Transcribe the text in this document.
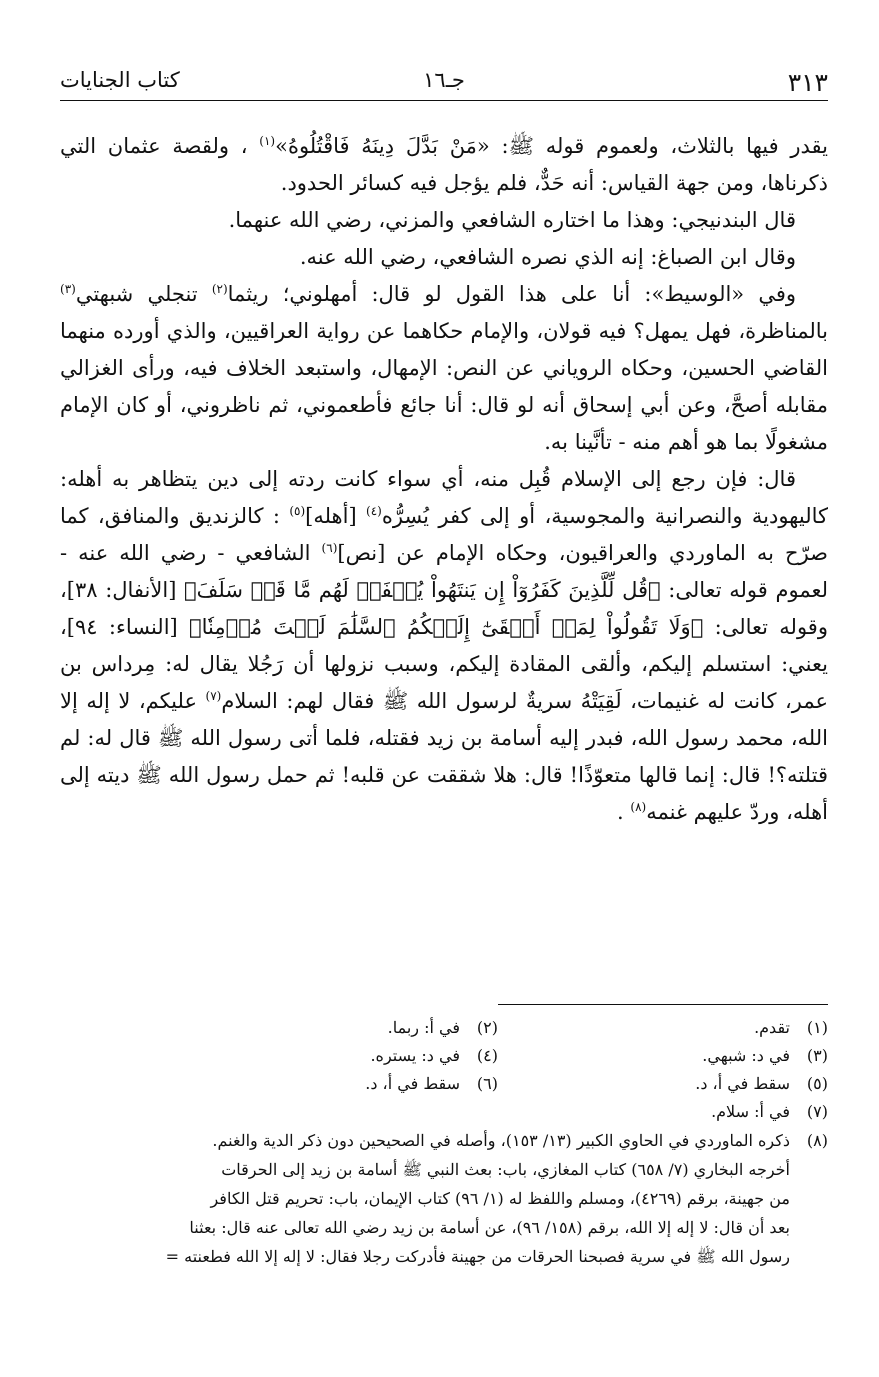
٣١٣
جـ١٦
كتاب الجنايات

يقدر فيها بالثلاث، ولعموم قوله ﷺ: «مَنْ بَدَّلَ دِينَهُ فَاقْتُلُوهُ»$^{(١)}$ ، ولقصة عثمان التي ذكرناها، ومن جهة القياس: أنه حَدٌّ، فلم يؤجل فيه كسائر الحدود.

قال البندنيجي: وهذا ما اختاره الشافعي والمزني، رضي الله عنهما.

وقال ابن الصباغ: إنه الذي نصره الشافعي، رضي الله عنه.

وفي «الوسيط»: أنا على هذا القول لو قال: أمهلوني؛ ريثما$^{(٢)}$ تنجلي شبهتي$^{(٣)}$ بالمناظرة، فهل يمهل؟ فيه قولان، والإمام حكاهما عن رواية العراقيين، والذي أورده منهما القاضي الحسين، وحكاه الروياني عن النص: الإمهال، واستبعد الخلاف فيه، ورأى الغزالي مقابله أصحَّ، وعن أبي إسحاق أنه لو قال: أنا جائع فأطعموني، ثم ناظروني، أو كان الإمام مشغولًا بما هو أهم منه - تأنَّينا به.

قال: فإن رجع إلى الإسلام قُبِل منه، أي سواء كانت ردته إلى دين يتظاهر به أهله: كاليهودية والنصرانية والمجوسية، أو إلى كفر يُسِرُّه$^{(٤)}$ [أهله]$^{(٥)}$ : كالزنديق والمنافق، كما صرّح به الماوردي والعراقيون، وحكاه الإمام عن [نص]$^{(٦)}$ الشافعي - رضي الله عنه - لعموم قوله تعالى: ﴿قُل لِّلَّذِينَ كَفَرُوٓاْ إِن يَنتَهُواْ يُغۡفَرۡ لَهُم مَّا قَدۡ سَلَفَ﴾ [الأنفال: ٣٨]، وقوله تعالى: ﴿وَلَا تَقُولُواْ لِمَنۡ أَلۡقَىٰٓ إِلَيۡكُمُ ٱلسَّلَٰمَ لَسۡتَ مُؤۡمِنٗا﴾ [النساء: ٩٤]، يعني: استسلم إليكم، وألقى المقادة إليكم، وسبب نزولها أن رَجُلا يقال له: مِرداس بن عمر، كانت له غنيمات، لَقِيَتْهُ سريةٌ لرسول الله ﷺ فقال لهم: السلام$^{(٧)}$ عليكم، لا إله إلا الله، محمد رسول الله، فبدر إليه أسامة بن زيد فقتله، فلما أتى رسول الله ﷺ قال له: لم قتلته؟! قال: إنما قالها متعوّذًا! قال: هلا شققت عن قلبه! ثم حمل رسول الله ﷺ ديته إلى أهله، وردّ عليهم غنمه$^{(٨)}$ .

(١)تقدم.
(٢)في أ: ربما.
(٣)في د: شبهي.
(٤)في د: يستره.
(٥)سقط في أ، د.
(٦)سقط في أ، د.
(٧)في أ: سلام.
(٨)
ذكره الماوردي في الحاوي الكبير (١٣/ ١٥٣)، وأصله في الصحيحين دون ذكر الدية والغنم.
أخرجه البخاري (٧/ ٦٥٨) كتاب المغازي، باب: بعث النبي ﷺ أسامة بن زيد إلى الحرقات
من جهينة، برقم (٤٢٦٩)، ومسلم واللفظ له (١/ ٩٦) كتاب الإيمان، باب: تحريم قتل الكافر
بعد أن قال: لا إله إلا الله، برقم (١٥٨/ ٩٦)، عن أسامة بن زيد رضي الله تعالى عنه قال: بعثنا
رسول الله ﷺ في سرية فصبحنا الحرقات من جهينة فأدركت رجلا فقال: لا إله إلا الله فطعنته =
